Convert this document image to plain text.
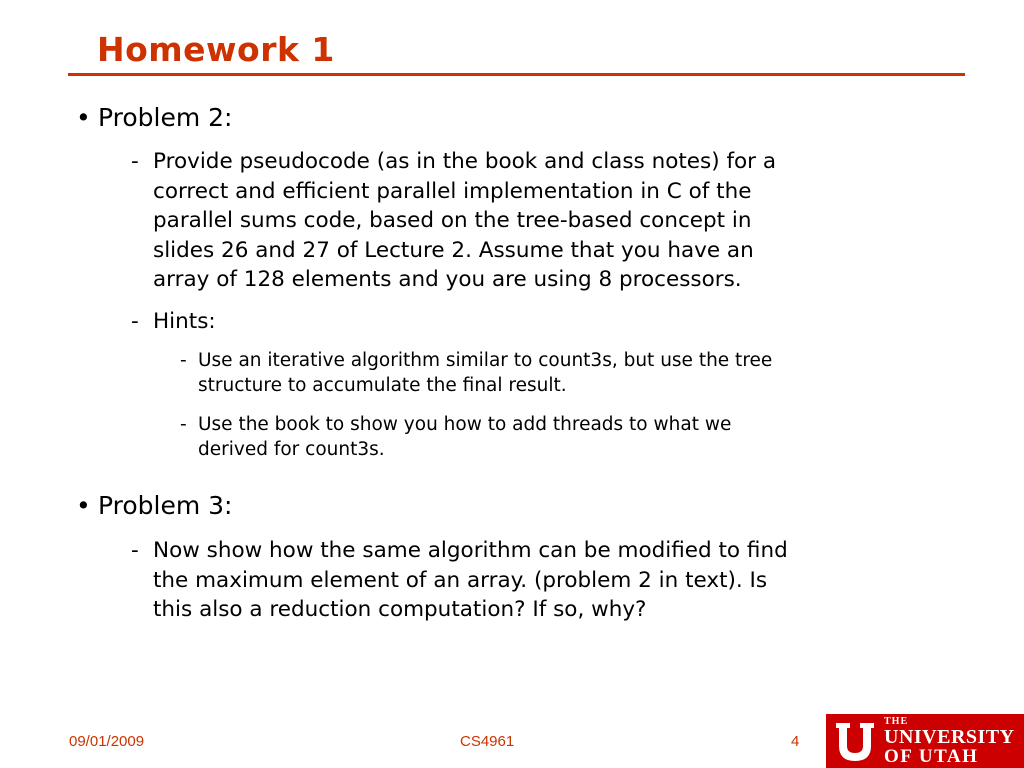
Homework 1
• Problem 2:
- Provide pseudocode (as in the book and class notes) for a
correct and efficient parallel implementation in C of the
parallel sums code, based on the tree-based concept in
slides 26 and 27 of Lecture 2. Assume that you have an
array of 128 elements and you are using 8 processors.
- Hints:
- Use an iterative algorithm similar to count3s, but use the tree
structure to accumulate the final result.
- Use the book to show you how to add threads to what we
derived for count3s.
• Problem 3:
- Now show how the same algorithm can be modified to find
the maximum element of an array. (problem 2 in text). Is
this also a reduction computation? If so, why?
09/01/2009	CS4961	4
THE
UNIVERSITY
OF UTAH
